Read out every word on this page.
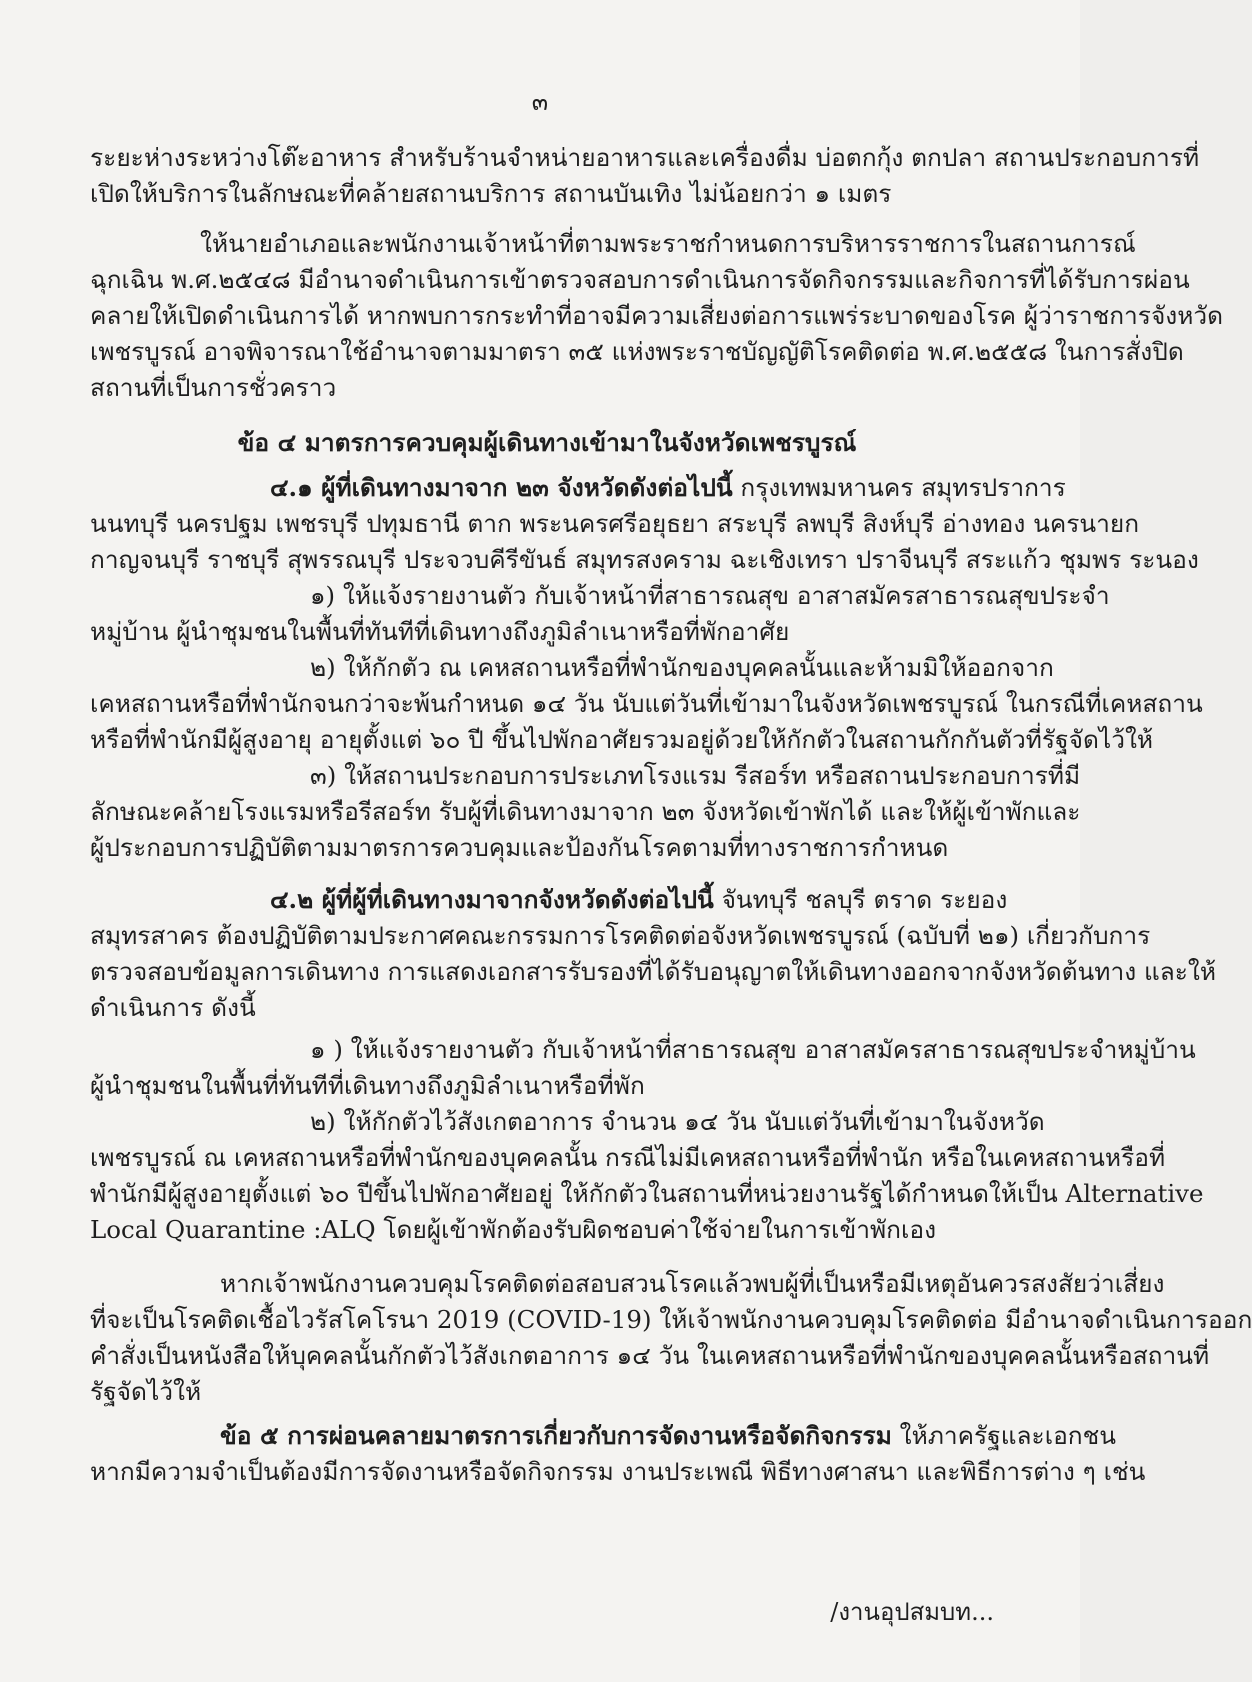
๓
ระยะห่างระหว่างโต๊ะอาหาร สำหรับร้านจำหน่ายอาหารและเครื่องดื่ม บ่อตกกุ้ง ตกปลา สถานประกอบการที่
เปิดให้บริการในลักษณะที่คล้ายสถานบริการ สถานบันเทิง ไม่น้อยกว่า ๑ เมตร
ให้นายอำเภอและพนักงานเจ้าหน้าที่ตามพระราชกำหนดการบริหารราชการในสถานการณ์
ฉุกเฉิน พ.ศ.๒๕๔๘ มีอำนาจดำเนินการเข้าตรวจสอบการดำเนินการจัดกิจกรรมและกิจการที่ได้รับการผ่อน
คลายให้เปิดดำเนินการได้ หากพบการกระทำที่อาจมีความเสี่ยงต่อการแพร่ระบาดของโรค ผู้ว่าราชการจังหวัด
เพชรบูรณ์ อาจพิจารณาใช้อำนาจตามมาตรา ๓๕ แห่งพระราชบัญญัติโรคติดต่อ พ.ศ.๒๕๕๘ ในการสั่งปิด
สถานที่เป็นการชั่วคราว
ข้อ ๔ มาตรการควบคุมผู้เดินทางเข้ามาในจังหวัดเพชรบูรณ์
๔.๑ ผู้ที่เดินทางมาจาก ๒๓ จังหวัดดังต่อไปนี้ กรุงเทพมหานคร สมุทรปราการ
นนทบุรี นครปฐม เพชรบุรี ปทุมธานี ตาก พระนครศรีอยุธยา สระบุรี ลพบุรี สิงห์บุรี อ่างทอง นครนายก
กาญจนบุรี ราชบุรี สุพรรณบุรี ประจวบคีรีขันธ์ สมุทรสงคราม ฉะเชิงเทรา ปราจีนบุรี สระแก้ว ชุมพร ระนอง
๑) ให้แจ้งรายงานตัว กับเจ้าหน้าที่สาธารณสุข อาสาสมัครสาธารณสุขประจำ
หมู่บ้าน ผู้นำชุมชนในพื้นที่ทันทีที่เดินทางถึงภูมิลำเนาหรือที่พักอาศัย
๒) ให้กักตัว ณ เคหสถานหรือที่พำนักของบุคคลนั้นและห้ามมิให้ออกจาก
เคหสถานหรือที่พำนักจนกว่าจะพ้นกำหนด ๑๔ วัน นับแต่วันที่เข้ามาในจังหวัดเพชรบูรณ์ ในกรณีที่เคหสถาน
หรือที่พำนักมีผู้สูงอายุ อายุตั้งแต่ ๖๐ ปี ขึ้นไปพักอาศัยรวมอยู่ด้วยให้กักตัวในสถานกักกันตัวที่รัฐจัดไว้ให้
๓) ให้สถานประกอบการประเภทโรงแรม รีสอร์ท หรือสถานประกอบการที่มี
ลักษณะคล้ายโรงแรมหรือรีสอร์ท รับผู้ที่เดินทางมาจาก ๒๓ จังหวัดเข้าพักได้ และให้ผู้เข้าพักและ
ผู้ประกอบการปฏิบัติตามมาตรการควบคุมและป้องกันโรคตามที่ทางราชการกำหนด
๔.๒ ผู้ที่ผู้ที่เดินทางมาจากจังหวัดดังต่อไปนี้ จันทบุรี ชลบุรี ตราด ระยอง
สมุทรสาคร ต้องปฏิบัติตามประกาศคณะกรรมการโรคติดต่อจังหวัดเพชรบูรณ์ (ฉบับที่ ๒๑) เกี่ยวกับการ
ตรวจสอบข้อมูลการเดินทาง การแสดงเอกสารรับรองที่ได้รับอนุญาตให้เดินทางออกจากจังหวัดต้นทาง และให้
ดำเนินการ ดังนี้
๑ ) ให้แจ้งรายงานตัว กับเจ้าหน้าที่สาธารณสุข อาสาสมัครสาธารณสุขประจำหมู่บ้าน
ผู้นำชุมชนในพื้นที่ทันทีที่เดินทางถึงภูมิลำเนาหรือที่พัก
๒) ให้กักตัวไว้สังเกตอาการ จำนวน ๑๔ วัน นับแต่วันที่เข้ามาในจังหวัด
เพชรบูรณ์ ณ เคหสถานหรือที่พำนักของบุคคลนั้น กรณีไม่มีเคหสถานหรือที่พำนัก หรือในเคหสถานหรือที่
พำนักมีผู้สูงอายุตั้งแต่ ๖๐ ปีขึ้นไปพักอาศัยอยู่ ให้กักตัวในสถานที่หน่วยงานรัฐได้กำหนดให้เป็น Alternative
Local Quarantine :ALQ โดยผู้เข้าพักต้องรับผิดชอบค่าใช้จ่ายในการเข้าพักเอง
หากเจ้าพนักงานควบคุมโรคติดต่อสอบสวนโรคแล้วพบผู้ที่เป็นหรือมีเหตุอันควรสงสัยว่าเสี่ยง
ที่จะเป็นโรคติดเชื้อไวรัสโคโรนา 2019 (COVID-19) ให้เจ้าพนักงานควบคุมโรคติดต่อ มีอำนาจดำเนินการออก
คำสั่งเป็นหนังสือให้บุคคลนั้นกักตัวไว้สังเกตอาการ ๑๔ วัน ในเคหสถานหรือที่พำนักของบุคคลนั้นหรือสถานที่
รัฐจัดไว้ให้
ข้อ ๕ การผ่อนคลายมาตรการเกี่ยวกับการจัดงานหรือจัดกิจกรรม ให้ภาครัฐและเอกชน
หากมีความจำเป็นต้องมีการจัดงานหรือจัดกิจกรรม งานประเพณี พิธีทางศาสนา และพิธีการต่าง ๆ เช่น
/งานอุปสมบท...
